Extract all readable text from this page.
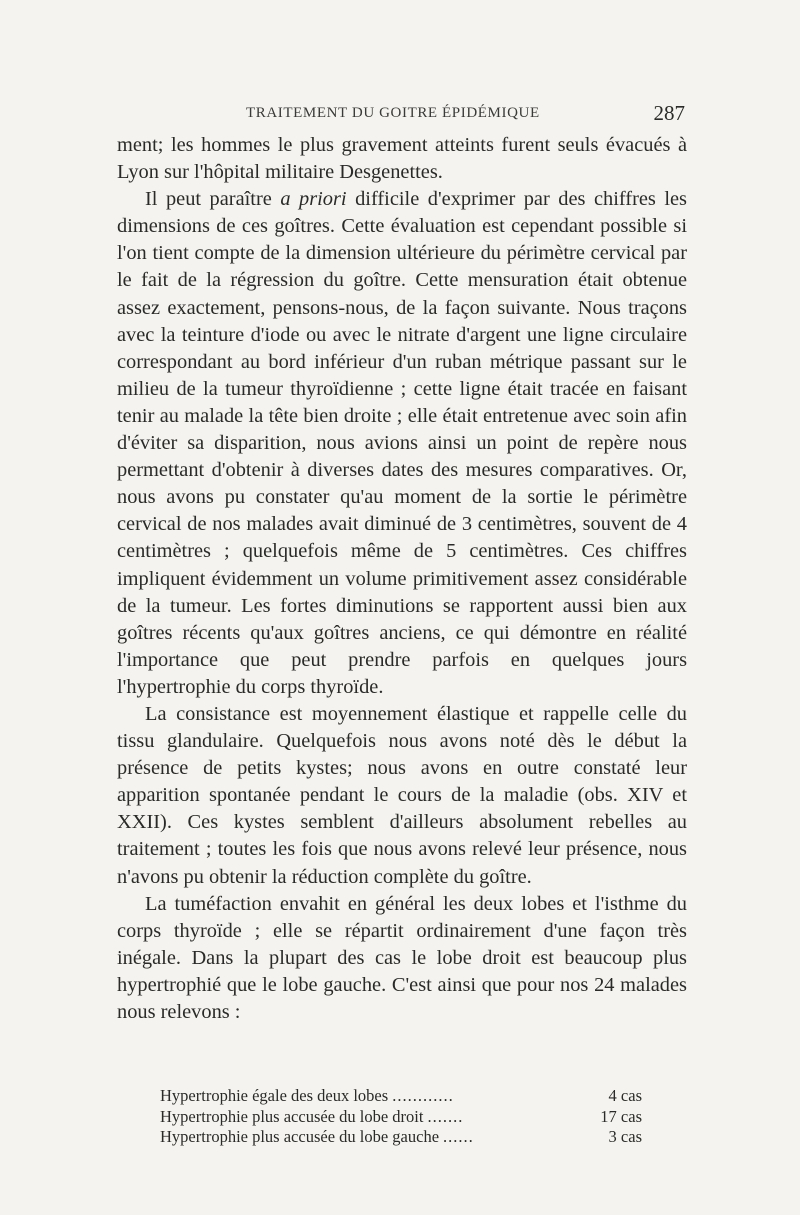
TRAITEMENT DU GOITRE ÉPIDÉMIQUE	287

ment; les hommes le plus gravement atteints furent seuls évacués à Lyon sur l'hôpital militaire Desgenettes.

Il peut paraître a priori difficile d'exprimer par des chiffres les dimensions de ces goîtres. Cette évaluation est cependant possible si l'on tient compte de la dimension ultérieure du périmètre cervical par le fait de la régression du goître. Cette mensuration était obtenue assez exactement, pensons-nous, de la façon suivante. Nous traçons avec la teinture d'iode ou avec le nitrate d'argent une ligne circulaire correspondant au bord inférieur d'un ruban métrique passant sur le milieu de la tumeur thyroïdienne ; cette ligne était tracée en faisant tenir au malade la tête bien droite ; elle était entretenue avec soin afin d'éviter sa disparition, nous avions ainsi un point de repère nous permettant d'obtenir à diverses dates des mesures comparatives. Or, nous avons pu constater qu'au moment de la sortie le périmètre cervical de nos malades avait diminué de 3 centimètres, souvent de 4 centimètres ; quelquefois même de 5 centimètres. Ces chiffres impliquent évidemment un volume primitivement assez considérable de la tumeur. Les fortes diminutions se rapportent aussi bien aux goîtres récents qu'aux goîtres anciens, ce qui démontre en réalité l'importance que peut prendre parfois en quelques jours l'hypertrophie du corps thyroïde.

La consistance est moyennement élastique et rappelle celle du tissu glandulaire. Quelquefois nous avons noté dès le début la présence de petits kystes; nous avons en outre constaté leur apparition spontanée pendant le cours de la maladie (obs. XIV et XXII). Ces kystes semblent d'ailleurs absolument rebelles au traitement ; toutes les fois que nous avons relevé leur présence, nous n'avons pu obtenir la réduction complète du goître.

La tuméfaction envahit en général les deux lobes et l'isthme du corps thyroïde ; elle se répartit ordinairement d'une façon très inégale. Dans la plupart des cas le lobe droit est beaucoup plus hypertrophié que le lobe gauche. C'est ainsi que pour nos 24 malades nous relevons :

Hypertrophie égale des deux lobes ............	4 cas
Hypertrophie plus accusée du lobe droit .......	17 cas
Hypertrophie plus accusée du lobe gauche ......	3 cas
